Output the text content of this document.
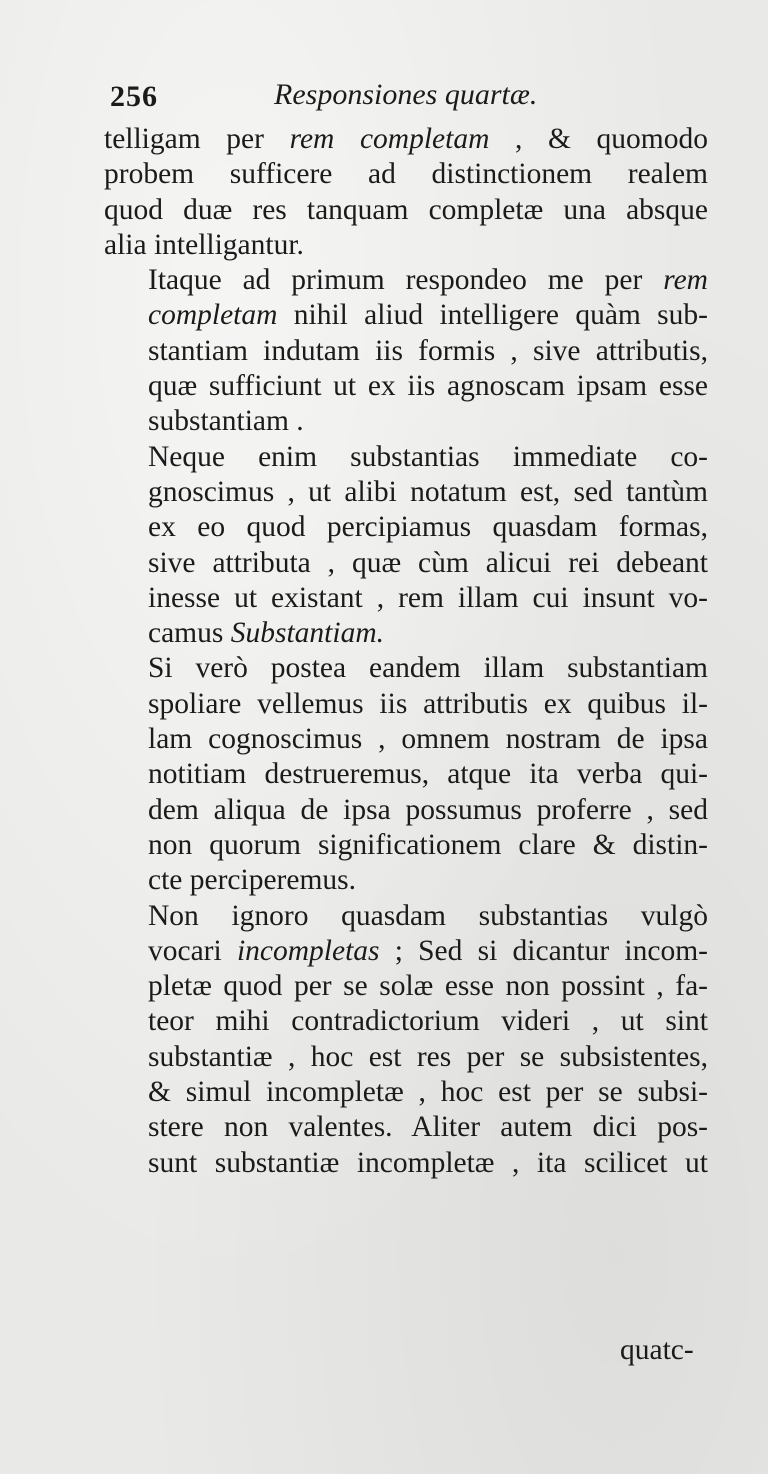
256	Responsiones quartæ.
telligam per rem completam , & quomodo
probem sufficere ad distinctionem realem
quod duæ res tanquam completæ una absque
alia intelligantur.
Itaque ad primum respondeo me per rem
completam nihil aliud intelligere quàm sub-
stantiam indutam iis formis , sive attributis,
quæ sufficiunt ut ex iis agnoscam ipsam esse
substantiam .
Neque enim substantias immediate co-
gnoscimus , ut alibi notatum est, sed tantùm
ex eo quod percipiamus quasdam formas,
sive attributa , quæ cùm alicui rei debeant
inesse ut existant , rem illam cui insunt vo-
camus Substantiam.
Si verò postea eandem illam substantiam
spoliare vellemus iis attributis ex quibus il-
lam cognoscimus , omnem nostram de ipsa
notitiam destrueremus, atque ita verba qui-
dem aliqua de ipsa possumus proferre , sed
non quorum significationem clare & distin-
cte perciperemus.
Non ignoro quasdam substantias vulgò
vocari incompletas ; Sed si dicantur incom-
pletæ quod per se solæ esse non possint , fa-
teor mihi contradictorium videri , ut sint
substantiæ , hoc est res per se subsistentes,
& simul incompletæ , hoc est per se subsi-
stere non valentes. Aliter autem dici pos-
sunt substantiæ incompletæ , ita scilicet ut
quatc-
